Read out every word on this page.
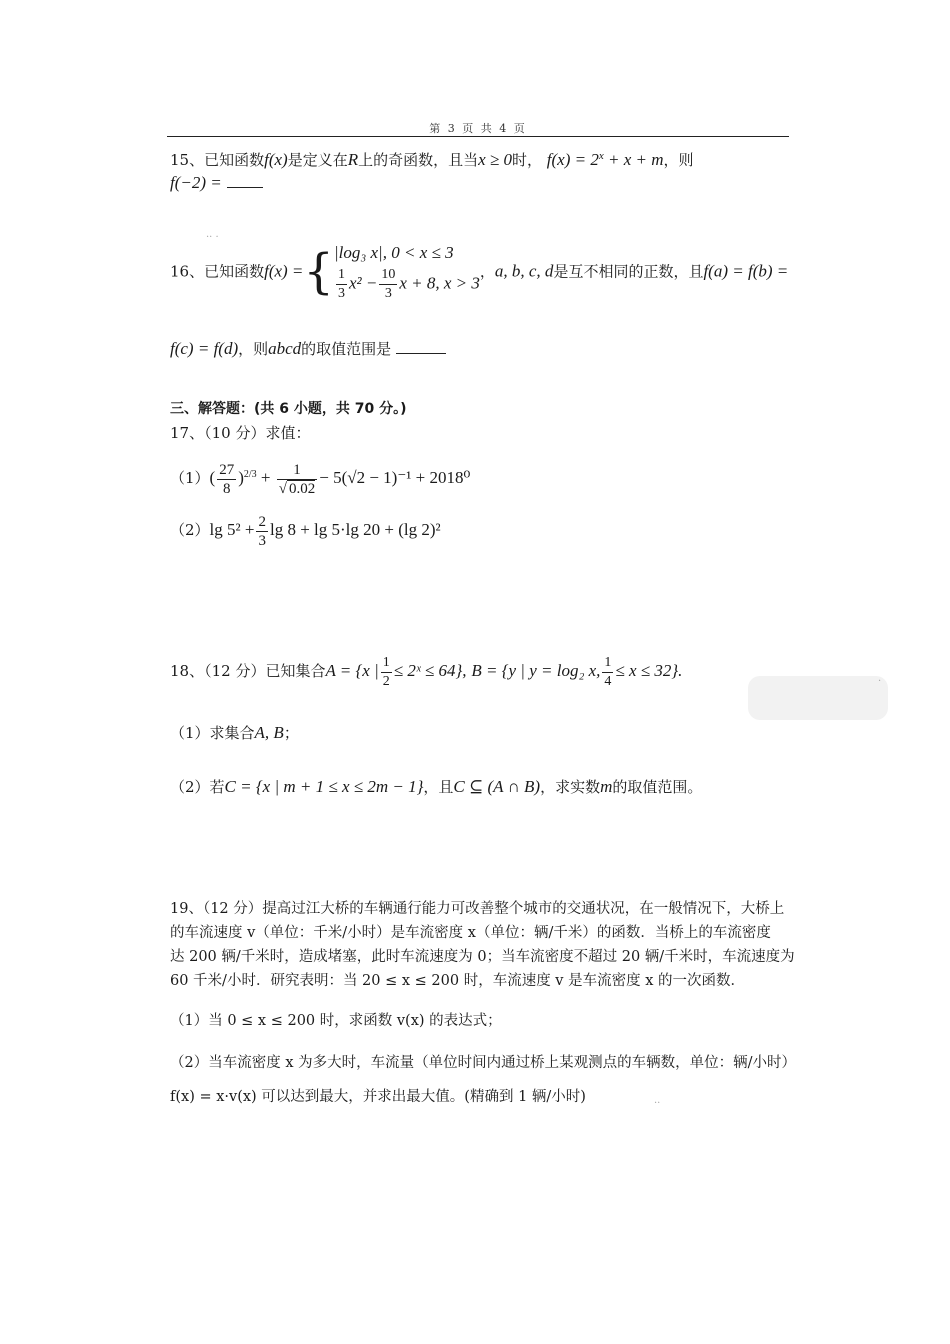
第 3 页 共 4 页
15、已知函数f(x)是定义在R上的奇函数，且当x ≥ 0时， $f(x) = 2^x + x + m$，则
f(−2) =
16、已知函数f(x) ={ |log₃ x|, 0 < x ≤ 3
$\frac{1}{3} x^2 - \frac{10}{3}$ x + 8, x > 3
，a, b, c, d是互不相同的正数，且f(a) = f(b) =
f(c) = f(d)，则abcd的取值范围是
三、解答题：(共 6 小题，共 70 分。)
17、（10 分）求值：
$(1)( \frac{27}{8} )^{2/3} + \frac{1}{√ 0.02} - 5(√2 - 1)^{-1} + 2018^0$
（2）lg $5^2 + \frac{2}{3}$ lg 8 + lg 5·lg 20 + (lg 2)²
18、（12 分）已知集合A = {x | $\frac{1}{2}$ ≤ 2ˣ ≤ 64}, B = {y | y = log₂ x, $\frac{1}{4} \le x \le 32$}.
（1）求集合A, B；
（2）若C = {x | m + 1 ≤ x ≤ 2m − 1}，且C ⊆ (A ∩ B)，求实数m的取值范围。
19、（12 分）提高过江大桥的车辆通行能力可改善整个城市的交通状况，在一般情况下，大桥上
的车流速度 v（单位：千米/小时）是车流密度 x（单位：辆/千米）的函数．当桥上的车流密度
达 200 辆/千米时，造成堵塞，此时车流速度为 0；当车流密度不超过 20 辆/千米时，车流速度为
60 千米/小时．研究表明：当 20 ≤ x ≤ 200 时，车流速度 v 是车流密度 x 的一次函数．
（1）当 0 ≤ x ≤ 200 时，求函数 v(x) 的表达式；
（2）当车流密度 x 为多大时，车流量（单位时间内通过桥上某观测点的车辆数，单位：辆/小时）
f(x) = x·v(x) 可以达到最大，并求出最大值。(精确到 1 辆/小时)
·· ·
··
·
